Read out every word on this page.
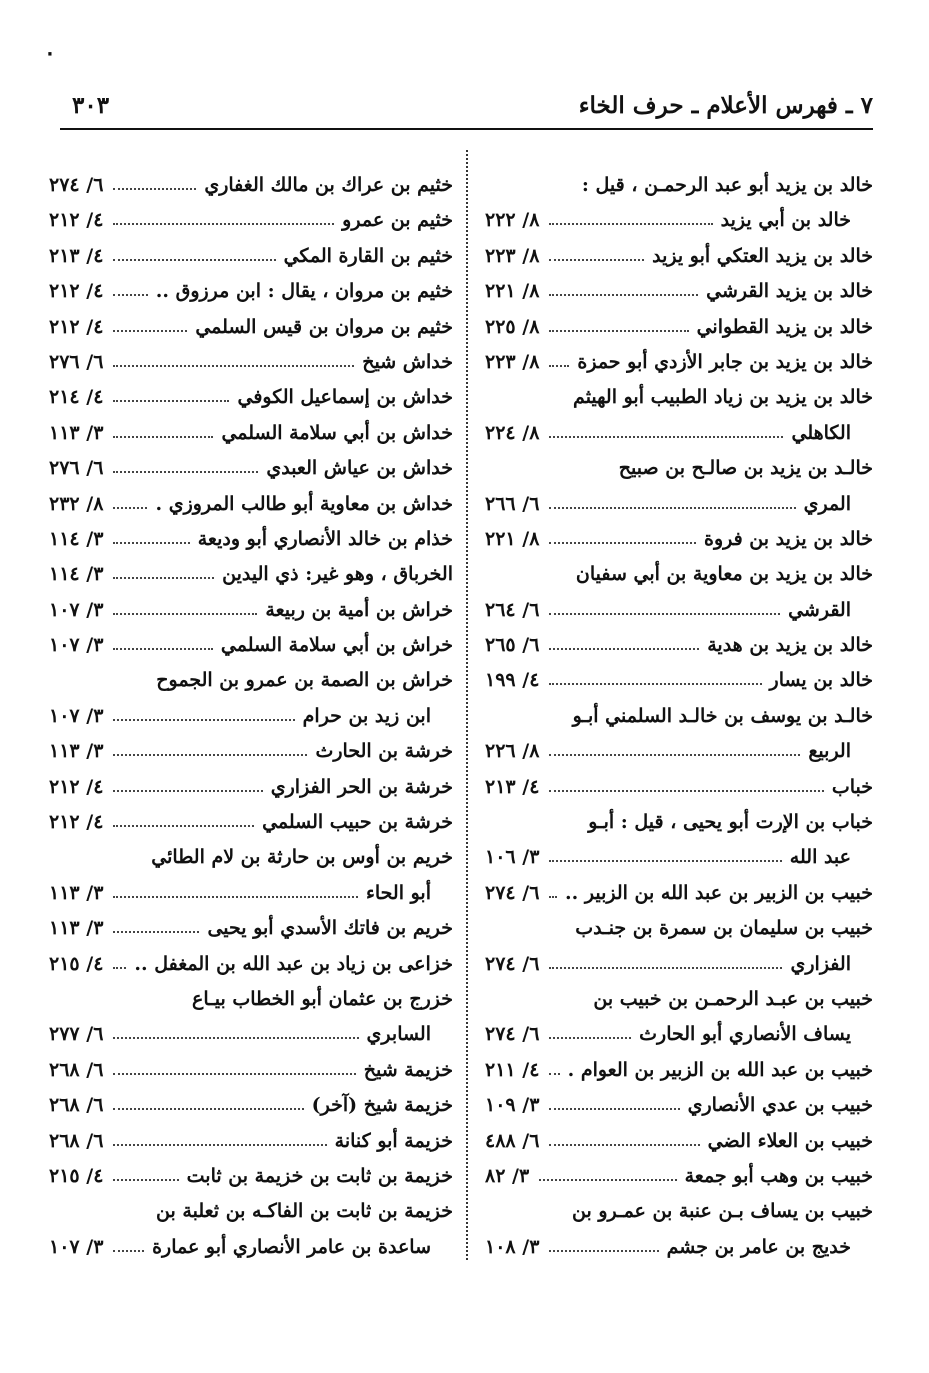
٠
٧ ـ فهرس الأعلام ـ حرف الخاء
٣٠٣
خالد بن يزيد أبو عبد الرحمـن ، قيل :
خالد بن أبي يزيد
٨/ ٢٢٢
خالد بن يزيد العتكي أبو يزيد
٨/ ٢٢٣
خالد بن يزيد القرشي
٨/ ٢٢١
خالد بن يزيد القطواني
٨/ ٢٢٥
خالد بن يزيد بن جابر الأزدي أبو حمزة
٨/ ٢٢٣
خالد بن يزيد بن زياد الطبيب أبو الهيثم
الكاهلي
٨/ ٢٢٤
خالـد بن يزيد بن صالـح بن صبيح
المري
٦/ ٢٦٦
خالد بن يزيد بن فروة
٨/ ٢٢١
خالد بن يزيد بن معاوية بن أبي سفيان
القرشي
٦/ ٢٦٤
خالد بن يزيد بن هدية
٦/ ٢٦٥
خالد بن يسار
٤/ ١٩٩
خالـد بن يوسف بن خالـد السلمني أبـو
الربيع
٨/ ٢٢٦
خباب
٤/ ٢١٣
خباب بن الإرت أبو يحيى ، قيل : أبـو
عبد الله
٣/ ١٠٦
خبيب بن الزبير بن عبد الله بن الزبير ..
٦/ ٢٧٤
خبيب بن سليمان بن سمرة بن جنـدب
الفزاري
٦/ ٢٧٤
خبيب بن عبـد الرحمـن بن خبيب بن
يساف الأنصاري أبو الحارث
٦/ ٢٧٤
خبيب بن عبد الله بن الزبير بن العوام .
٤/ ٢١١
خبيب بن عدي الأنصاري
٣/ ١٠٩
خبيب بن العلاء الضي
٦/ ٤٨٨
خبيب بن وهب أبو جمعة
٣/ ٨٢
خبيب بن يساف بـن عنبة بن عمـرو بن
خديج بن عامر بن جشم
٣/ ١٠٨
خثيم بن عراك بن مالك الغفاري
٦/ ٢٧٤
خثيم بن عمرو
٤/ ٢١٢
خثيم بن القارة المكي
٤/ ٢١٣
خثيم بن مروان ، يقال : ابن مرزوق ..
٤/ ٢١٢
خثيم بن مروان بن قيس السلمي
٤/ ٢١٢
خداش شيخ
٦/ ٢٧٦
خداش بن إسماعيل الكوفي
٤/ ٢١٤
خداش بن أبي سلامة السلمي
٣/ ١١٣
خداش بن عياش العبدي
٦/ ٢٧٦
خداش بن معاوية أبو طالب المروزي .
٨/ ٢٣٢
خذام بن خالد الأنصاري أبو وديعة
٣/ ١١٤
الخرباق ، وهو غير: ذي اليدين
٣/ ١١٤
خراش بن أمية بن ربيعة
٣/ ١٠٧
خراش بن أبي سلامة السلمي
٣/ ١٠٧
خراش بن الصمة بن عمرو بن الجموح
ابن زيد بن حرام
٣/ ١٠٧
خرشة بن الحارث
٣/ ١١٣
خرشة بن الحر الفزاري
٤/ ٢١٢
خرشة بن حبيب السلمي
٤/ ٢١٢
خريم بن أوس بن حارثة بن لام الطائي
أبو الحاء
٣/ ١١٣
خريم بن فاتك الأسدي أبو يحيى
٣/ ١١٣
خزاعى بن زياد بن عبد الله بن المغفل ..
٤/ ٢١٥
خزرج بن عثمان أبو الخطاب بيـاع
السابري
٦/ ٢٧٧
خزيمة شيخ
٦/ ٢٦٨
خزيمة شيخ (آخر)
٦/ ٢٦٨
خزيمة أبو كنانة
٦/ ٢٦٨
خزيمة بن ثابت بن خزيمة بن ثابت
٤/ ٢١٥
خزيمة بن ثابت بن الفاكـه بن ثعلبة بن
ساعدة بن عامر الأنصاري أبو عمارة
٣/ ١٠٧
